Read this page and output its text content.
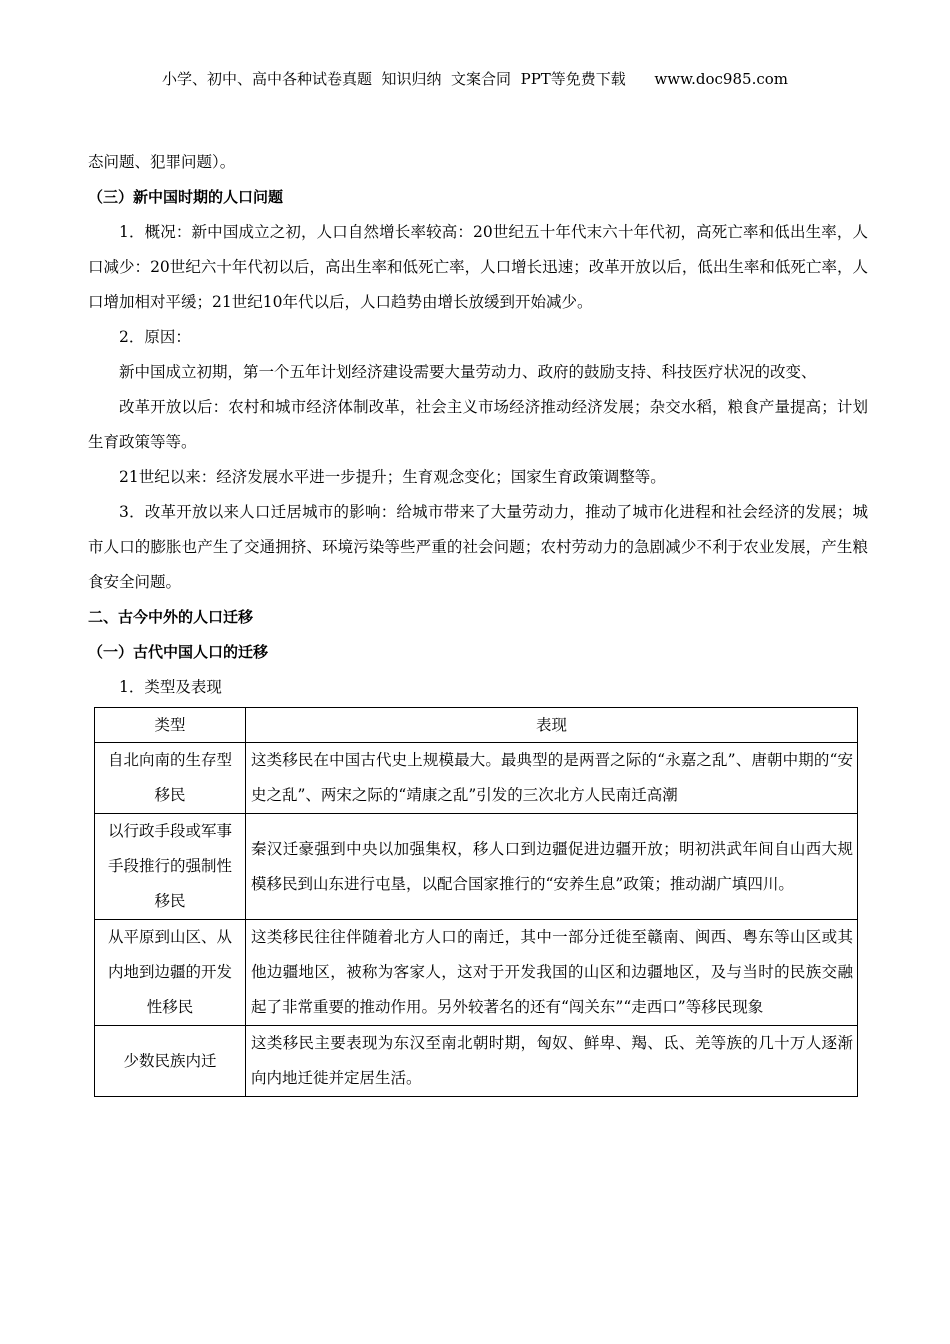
小学、初中、高中各种试卷真题  知识归纳  文案合同  PPT等免费下载      www.doc985.com

态问题、犯罪问题）。

（三）新中国时期的人口问题

1．概况：新中国成立之初，人口自然增长率较高：20世纪五十年代末六十年代初，高死亡率和低出生率，人口减少：20世纪六十年代初以后，高出生率和低死亡率，人口增长迅速；改革开放以后，低出生率和低死亡率，人口增加相对平缓；21世纪10年代以后，人口趋势由增长放缓到开始减少。

2．原因：

新中国成立初期，第一个五年计划经济建设需要大量劳动力、政府的鼓励支持、科技医疗状况的改变、

改革开放以后：农村和城市经济体制改革，社会主义市场经济推动经济发展；杂交水稻，粮食产量提高；计划生育政策等等。

21世纪以来：经济发展水平进一步提升；生育观念变化；国家生育政策调整等。

3．改革开放以来人口迁居城市的影响：给城市带来了大量劳动力，推动了城市化进程和社会经济的发展；城市人口的膨胀也产生了交通拥挤、环境污染等些严重的社会问题；农村劳动力的急剧减少不利于农业发展，产生粮食安全问题。

二、古今中外的人口迁移

（一）古代中国人口的迁移

1．类型及表现

类型	表现
自北向南的生存型移民	这类移民在中国古代史上规模最大。最典型的是两晋之际的“永嘉之乱”、唐朝中期的“安史之乱”、两宋之际的“靖康之乱”引发的三次北方人民南迁高潮
以行政手段或军事手段推行的强制性移民	秦汉迁豪强到中央以加强集权，移人口到边疆促进边疆开放；明初洪武年间自山西大规模移民到山东进行屯垦，以配合国家推行的“安养生息”政策；推动湖广填四川。
从平原到山区、从内地到边疆的开发性移民	这类移民往往伴随着北方人口的南迁，其中一部分迁徙至赣南、闽西、粤东等山区或其他边疆地区，被称为客家人，这对于开发我国的山区和边疆地区，及与当时的民族交融起了非常重要的推动作用。另外较著名的还有“闯关东”“走西口”等移民现象
少数民族内迁	这类移民主要表现为东汉至南北朝时期，匈奴、鲜卑、羯、氐、羌等族的几十万人逐渐向内地迁徙并定居生活。
